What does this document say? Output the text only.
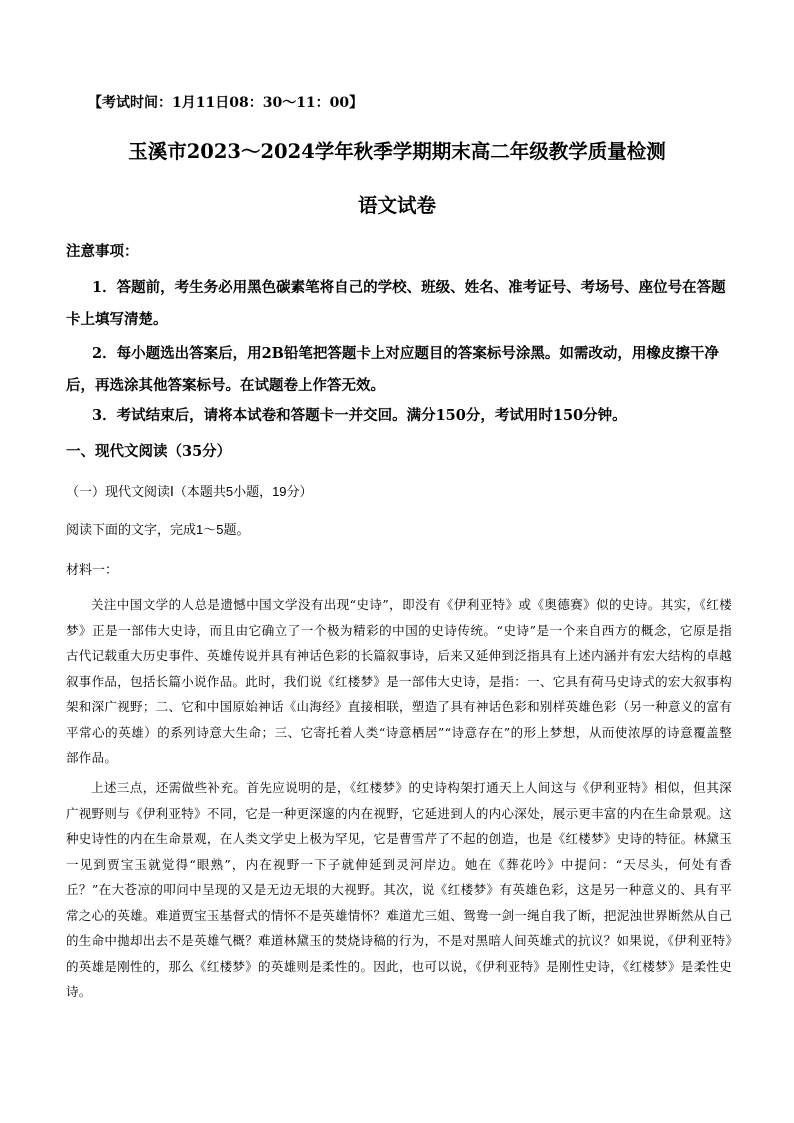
【考试时间：1月11日08：30～11：00】
玉溪市2023～2024学年秋季学期期末高二年级教学质量检测
语文试卷
注意事项：

1．答题前，考生务必用黑色碳素笔将自己的学校、班级、姓名、准考证号、考场号、座位号在答题卡上填写清楚。

2．每小题选出答案后，用2B铅笔把答题卡上对应题目的答案标号涂黑。如需改动，用橡皮擦干净后，再选涂其他答案标号。在试题卷上作答无效。

3．考试结束后，请将本试卷和答题卡一并交回。满分150分，考试用时150分钟。

一、现代文阅读（35分）
（一）现代文阅读Ⅰ（本题共5小题，19分）
阅读下面的文字，完成1～5题。
材料一：

关注中国文学的人总是遗憾中国文学没有出现“史诗”，即没有《伊利亚特》或《奥德赛》似的史诗。其实，《红楼梦》正是一部伟大史诗，而且由它确立了一个极为精彩的中国的史诗传统。“史诗”是一个来自西方的概念，它原是指古代记载重大历史事件、英雄传说并具有神话色彩的长篇叙事诗，后来又延伸到泛指具有上述内涵并有宏大结构的卓越叙事作品，包括长篇小说作品。此时，我们说《红楼梦》是一部伟大史诗，是指：一、它具有荷马史诗式的宏大叙事构架和深广视野；二、它和中国原始神话《山海经》直接相联，塑造了具有神话色彩和别样英雄色彩（另一种意义的富有平常心的英雄）的系列诗意大生命；三、它寄托着人类“诗意栖居”“诗意存在”的形上梦想，从而使浓厚的诗意覆盖整部作品。

上述三点，还需做些补充。首先应说明的是，《红楼梦》的史诗构架打通天上人间这与《伊利亚特》相似，但其深广视野则与《伊利亚特》不同，它是一种更深邃的内在视野，它延进到人的内心深处，展示更丰富的内在生命景观。这种史诗性的内在生命景观，在人类文学史上极为罕见，它是曹雪芹了不起的创造，也是《红楼梦》史诗的特征。林黛玉一见到贾宝玉就觉得“眼熟”，内在视野一下子就伸延到灵河岸边。她在《葬花吟》中提问：“天尽头，何处有香丘？”在大苍凉的叩问中呈现的又是无边无垠的大视野。其次，说《红楼梦》有英雄色彩，这是另一种意义的、具有平常之心的英雄。难道贾宝玉基督式的情怀不是英雄情怀？难道尤三姐、鸳鸯一剑一绳自我了断，把泥浊世界断然从自己的生命中拋却出去不是英雄气概？难道林黛玉的焚烧诗稿的行为，不是对黑暗人间英雄式的抗议？如果说，《伊利亚特》的英雄是刚性的，那么《红楼梦》的英雄则是柔性的。因此，也可以说，《伊利亚特》是刚性史诗，《红楼梦》是柔性史诗。
